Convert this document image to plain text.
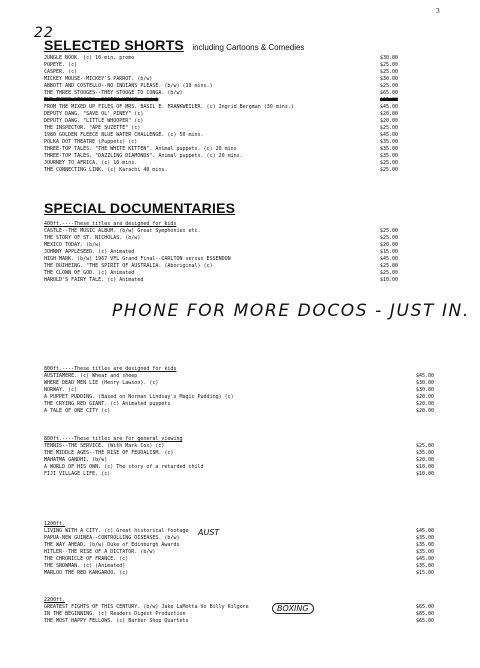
3
22
SELECTED SHORTS including Cartoons & Comedies
JUNGLE BOOK. (c) 10-min. promo	$30.00
POPEYE. (c)	$25.00
CASPER. (c)	$25.00
MICKEY MOUSE--MICKEY'S PARROT. (b/w)	$30.00
ABBOTT AND COSTELLO--NO INDIANS PLEASE. (b/w) (10 mins.)	$25.00
THE THREE STOOGES--THEY STOOGE TO CONGA. (b/w)	$65.00
THE THREE STOOGES--SCOTCH HOUSE. (b/w)	$65.00
FROM THE MIXED UP FILES OF MRS. BASIL E. FRANKWEILER. (c) Ingrid Bergman (30 mins.)	$45.00
DEPUTY DAWG. "SAVE OL' PINEY" (c)	$20.00
DEPUTY DAWG. "LITTLE WHOOPER" (c)	$20.00
THE INSPECTOR. "APE SUZETTE" (c)	$25.00
1980 GOLDEN FLEECE BLUE WATER CHALLENGE. (c) 50 mins.	$45.00
POLKA DOT THEATRE (Puppets) (c)	$35.00
THREE-TOP TALES. "THE WHITE KITTEN". Animal puppets. (c) 20 mins	$35.00
THREE-TOP TALES. "DAZZLING DIAMONDS". Animal puppets. (c) 20 mins.	$35.00
JOURNEY TO AFRICA. (c) 10 mins.	$25.00
THE CONNECTING LINK. (c) Karachi 40 mins.	$25.00
SPECIAL DOCUMENTARIES
400ft.----These titles are designed for kids
CASTLE--THE MUSIC ALBUM. (b/w) Great Symphonies etc.	$25.00
THE STORY OF ST. NICHOLAS. (b/w)	$25.00
MEXICO TODAY. (b/w)	$20.00
JOHNNY APPLESEED. (c) Animated	$15.00
HIGH MARK. (b/w) 1967 VFL Grand Final--CARLTON versus ESSENDON	$45.00
THE DUIHEING. "THE SPIRIT OF AUSTRALIA. (Aboriginal) (c)	$25.00
THE CLOWN OF GOD. (c) Animated	$25.00
HAROLD'S FAIRY TALE. (c) Animated	$10.00
PHONE FOR MORE DOCOS - JUST IN.
800ft.----These titles are designed for kids
AUSTIAMERE. (c) Wheat and sheep	$45.00
WHERE DEAD MEN LIE (Henry Lawson). (c)	$30.00
NORWAY. (c)	$30.00
A PUPPET PUDDING. (Based on Norman Lindsay's Magic Pudding) (c)	$20.00
THE CRYING RED GIANT. (c) Animated puppets	$20.00
A TALE OF ONE CITY (c)	$20.00
800ft.----These titles are for general viewing
TENNIS--THE SERVICE. (With Mark Cox) (c)	$25.00
THE MIDDLE AGES--THE RISE OF FEUDALISM. (c)	$35.00
MAHATMA GANDHI. (b/w)	$20.00
A WORLD OF HIS OWN. (c) The story of a retarded child	$10.00
FIJI VILLAGE LIFE. (c)	$10.00
1200ft.
LIVING WITH A CITY. (c) Great historical footage	$45.00
PAPUA-NEW GUINEA--CONTROLLING DISEASES. (b/w)	$35.00
THE WAY AHEAD. (b/w) Duke of Edinburgh Awards	$35.00
HITLER--THE RISE OF A DICTATOR. (b/w)	$35.00
THE CHRONICLE OF FRANCE. (c)	$45.00
THE SNOWMAN. (c) (Animated)	$35.00
MARLOO THE RED KANGAROO. (c)	$15.00
AUST
2200ft.
GREATEST FIGHTS OF THIS CENTURY. (b/w) Jake LaMotta Vs Billy Kilgore	$65.00
IN THE BEGINNING. (c) Readers Digest Production	$85.00
THE MOST HAPPY FELLOWS. (c) Barber Shop Quartets	$65.00
BOXING
